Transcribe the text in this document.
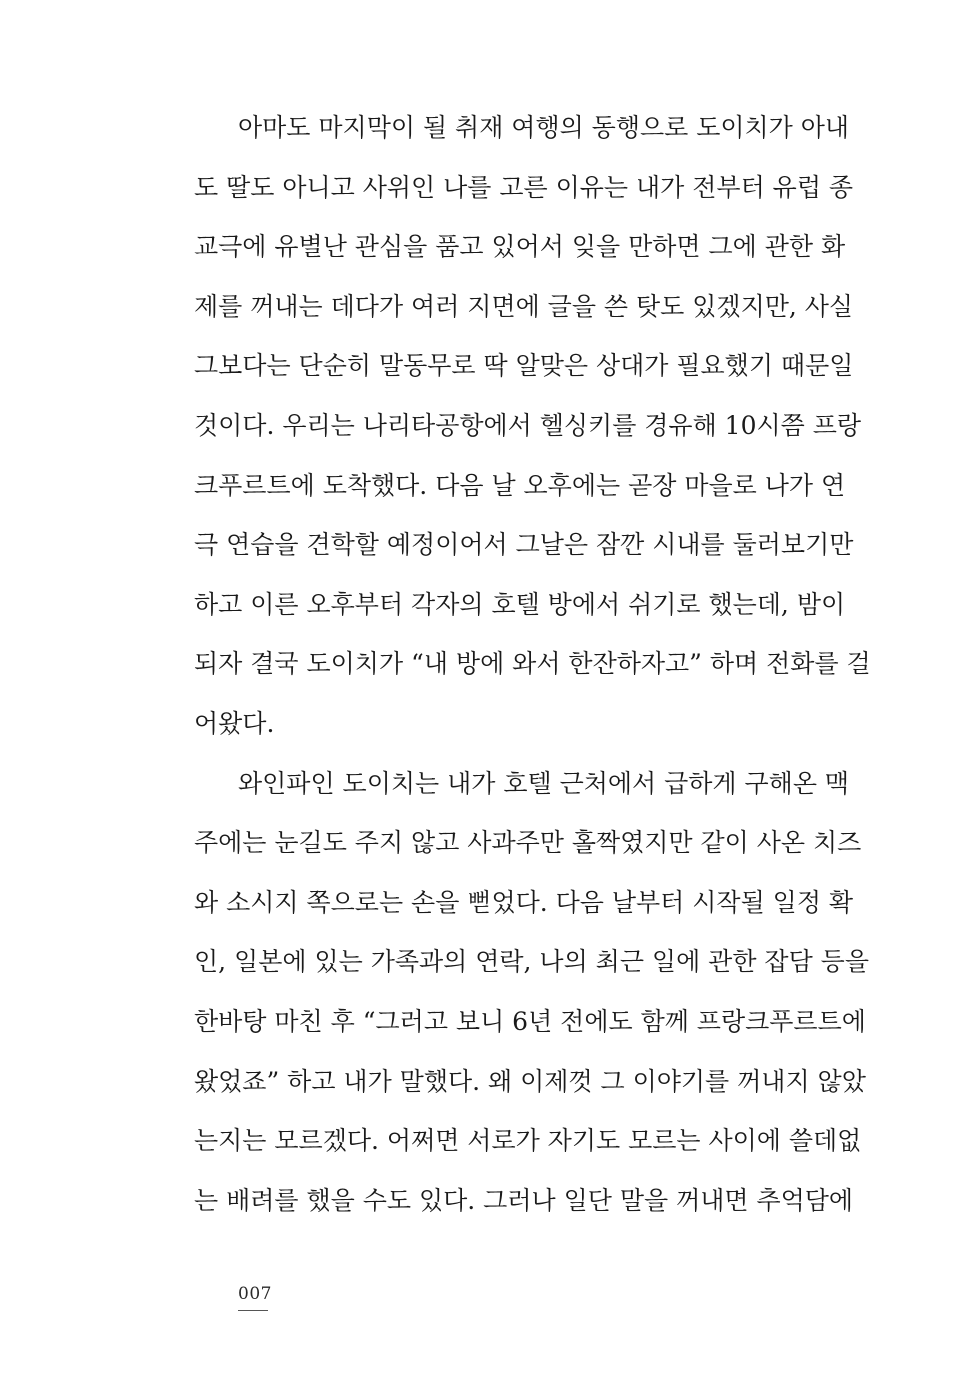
아마도 마지막이 될 취재 여행의 동행으로 도이치가 아내
도 딸도 아니고 사위인 나를 고른 이유는 내가 전부터 유럽 종
교극에 유별난 관심을 품고 있어서 잊을 만하면 그에 관한 화
제를 꺼내는 데다가 여러 지면에 글을 쓴 탓도 있겠지만, 사실
그보다는 단순히 말동무로 딱 알맞은 상대가 필요했기 때문일
것이다. 우리는 나리타공항에서 헬싱키를 경유해 10시쯤 프랑
크푸르트에 도착했다. 다음 날 오후에는 곧장 마을로 나가 연
극 연습을 견학할 예정이어서 그날은 잠깐 시내를 둘러보기만
하고 이른 오후부터 각자의 호텔 방에서 쉬기로 했는데, 밤이
되자 결국 도이치가 “내 방에 와서 한잔하자고” 하며 전화를 걸
어왔다.
와인파인 도이치는 내가 호텔 근처에서 급하게 구해온 맥
주에는 눈길도 주지 않고 사과주만 홀짝였지만 같이 사온 치즈
와 소시지 쪽으로는 손을 뻗었다. 다음 날부터 시작될 일정 확
인, 일본에 있는 가족과의 연락, 나의 최근 일에 관한 잡담 등을
한바탕 마친 후 “그러고 보니 6년 전에도 함께 프랑크푸르트에
왔었죠” 하고 내가 말했다. 왜 이제껏 그 이야기를 꺼내지 않았
는지는 모르겠다. 어쩌면 서로가 자기도 모르는 사이에 쓸데없
는 배려를 했을 수도 있다. 그러나 일단 말을 꺼내면 추억담에
007
